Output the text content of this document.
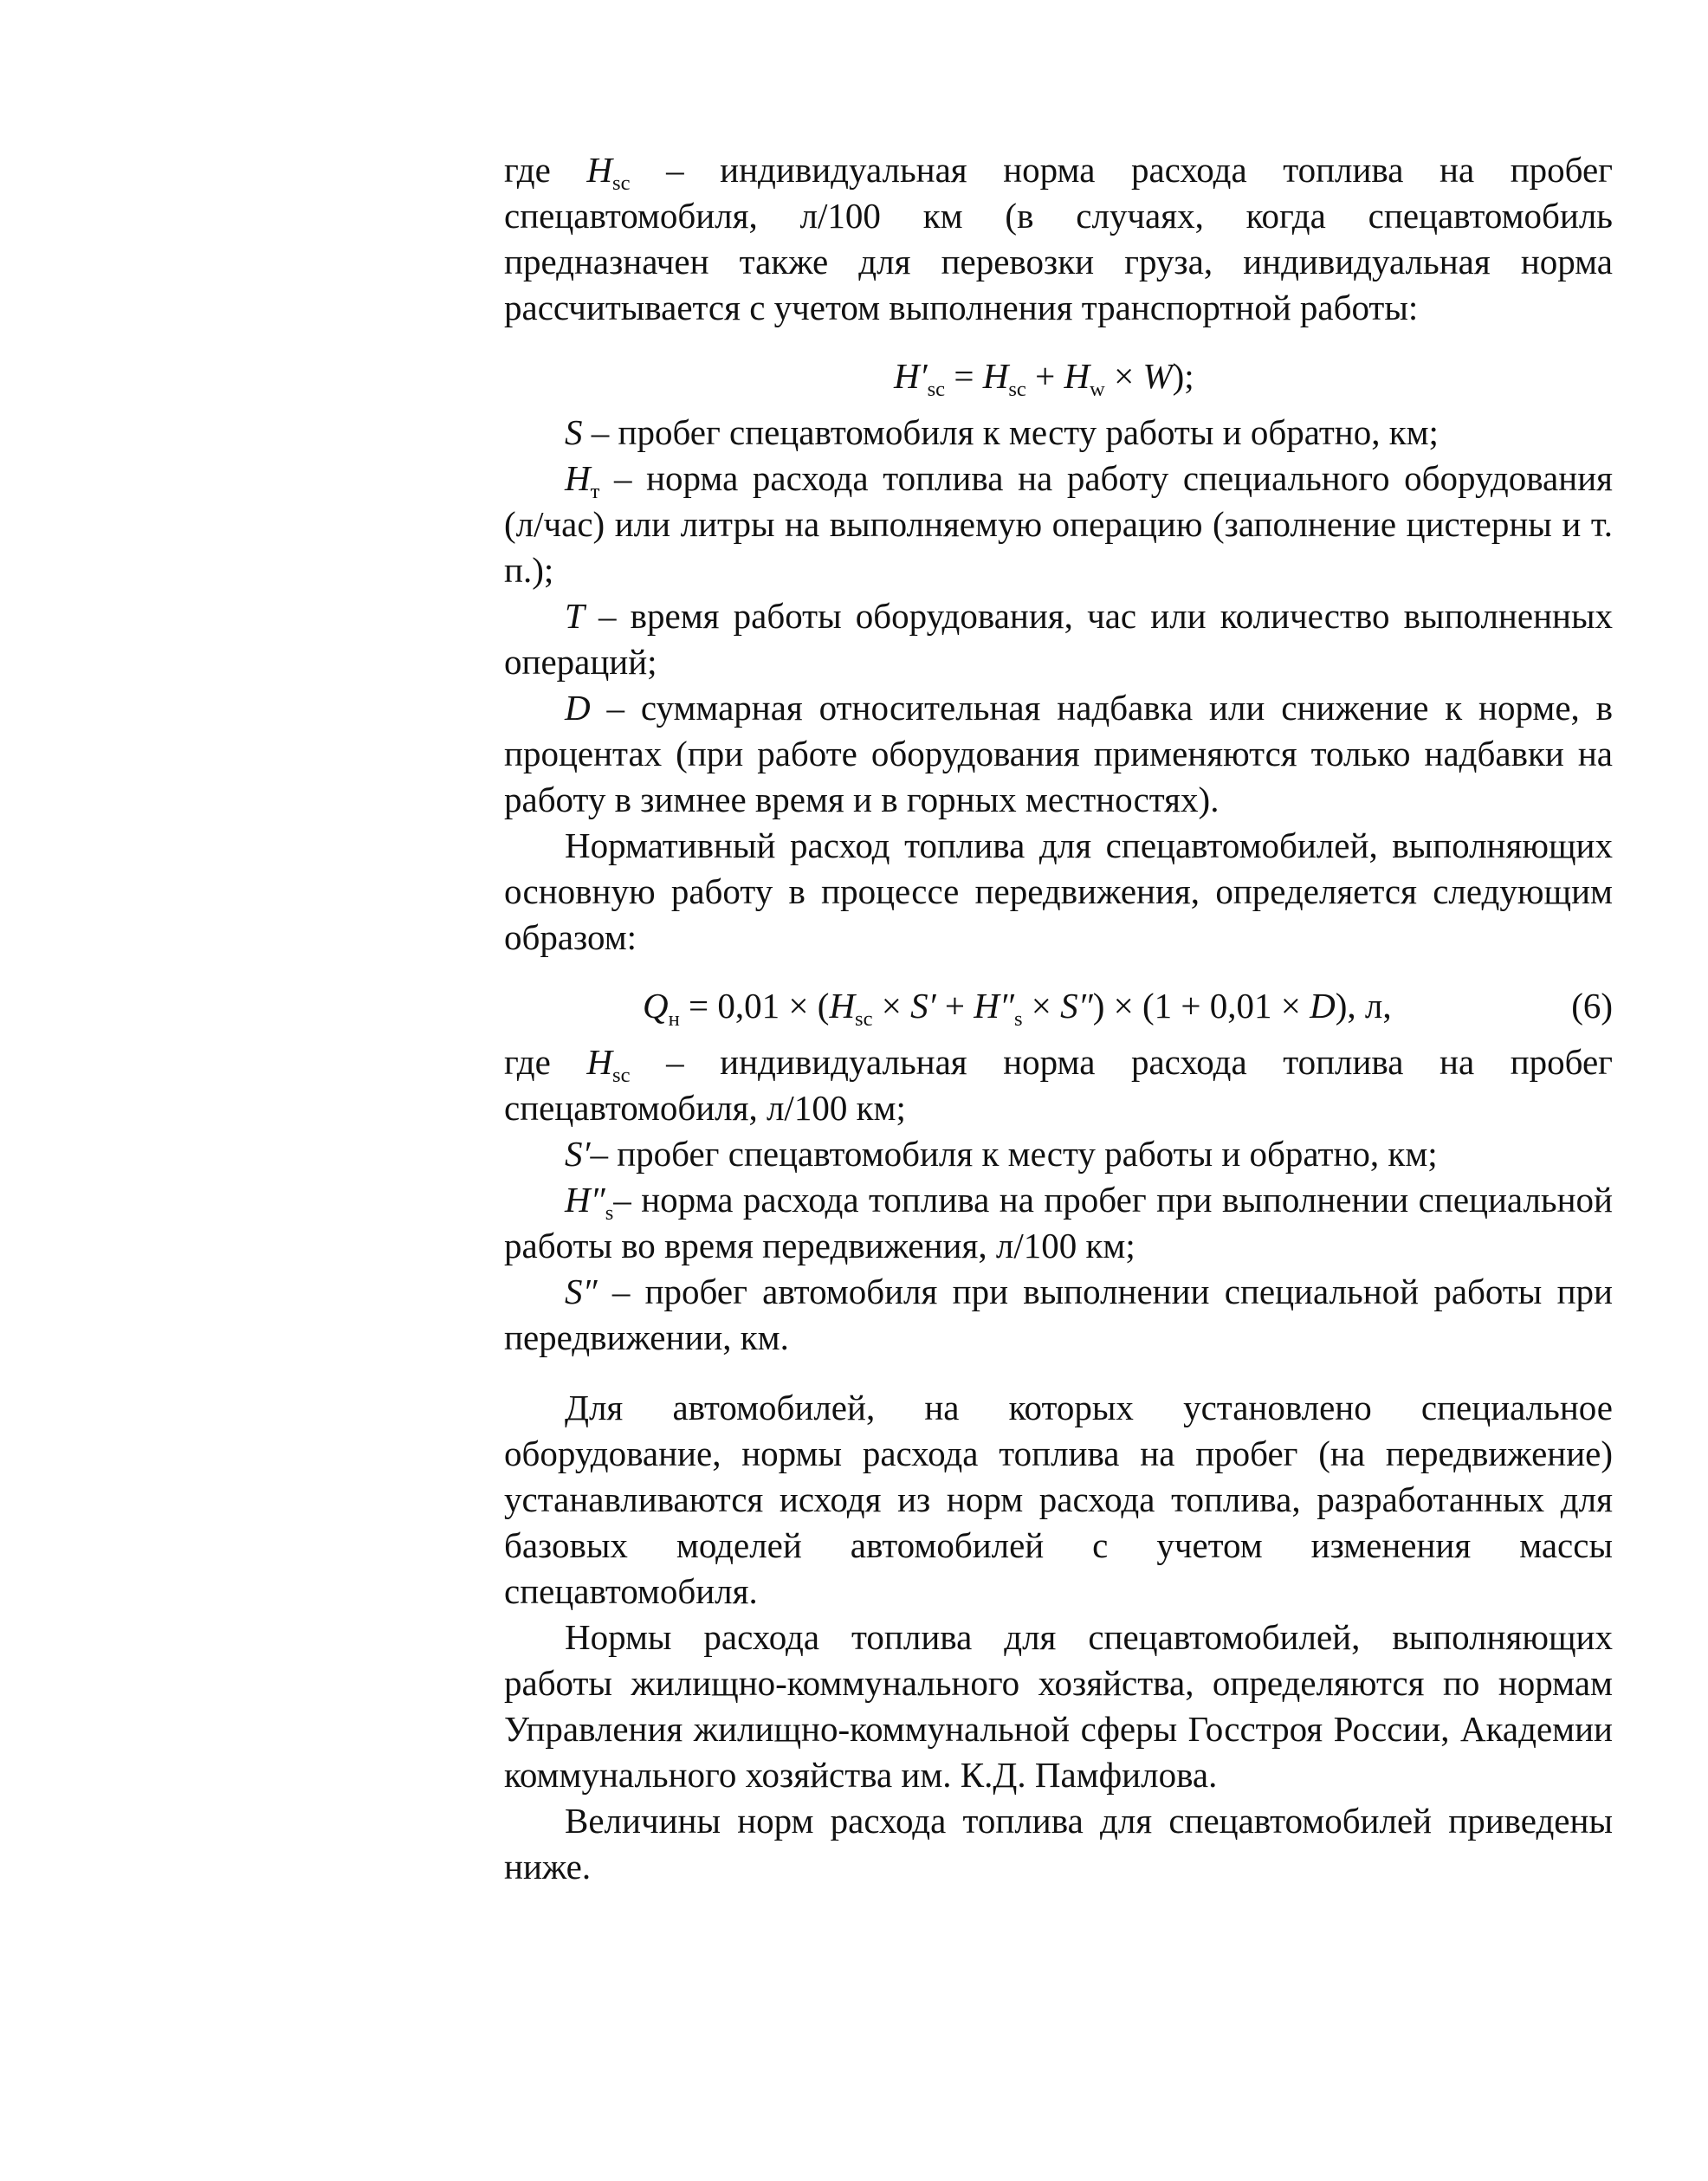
где $H_{sc}$ – индивидуальная норма расхода топлива на пробег спецавтомобиля, л/100 км (в случаях, когда спецавтомобиль предназначен также для перевозки груза, индивидуальная норма рассчитывается с учетом выполнения транспортной работы:

$H'_{sc} = H_{sc} + H_w \times W$);

S – пробег спецавтомобиля к месту работы и обратно, км;

$H_т$ – норма расхода топлива на работу специального оборудования (л/час) или литры на выполняемую операцию (заполнение цистерны и т. п.);

T – время работы оборудования, час или количество выполненных операций;

D – суммарная относительная надбавка или снижение к норме, в процентах (при работе оборудования применяются только надбавки на работу в зимнее время и в горных местностях).

Нормативный расход топлива для спецавтомобилей, выполняющих основную работу в процессе передвижения, определяется следующим образом:

$Q_н = 0,01 \times (H_{sc} \times S' + H''_s \times S'') \times (1 + 0,01 \times D)$, л,	(6)

где $H_{sc}$ – индивидуальная норма расхода топлива на пробег спецавтомобиля, л/100 км;

S′– пробег спецавтомобиля к месту работы и обратно, км;

$H''_s-$ норма расхода топлива на пробег при выполнении специальной работы во время передвижения, л/100 км;

S″ – пробег автомобиля при выполнении специальной работы при передвижении, км.

Для автомобилей, на которых установлено специальное оборудование, нормы расхода топлива на пробег (на передвижение) устанавливаются исходя из норм расхода топлива, разработанных для базовых моделей автомобилей с учетом изменения массы спецавтомобиля.

Нормы расхода топлива для спецавтомобилей, выполняющих работы жилищно-коммунального хозяйства, определяются по нормам Управления жилищно-коммунальной сферы Госстроя России, Академии коммунального хозяйства им. К.Д. Памфилова.

Величины норм расхода топлива для спецавтомобилей приведены ниже.
